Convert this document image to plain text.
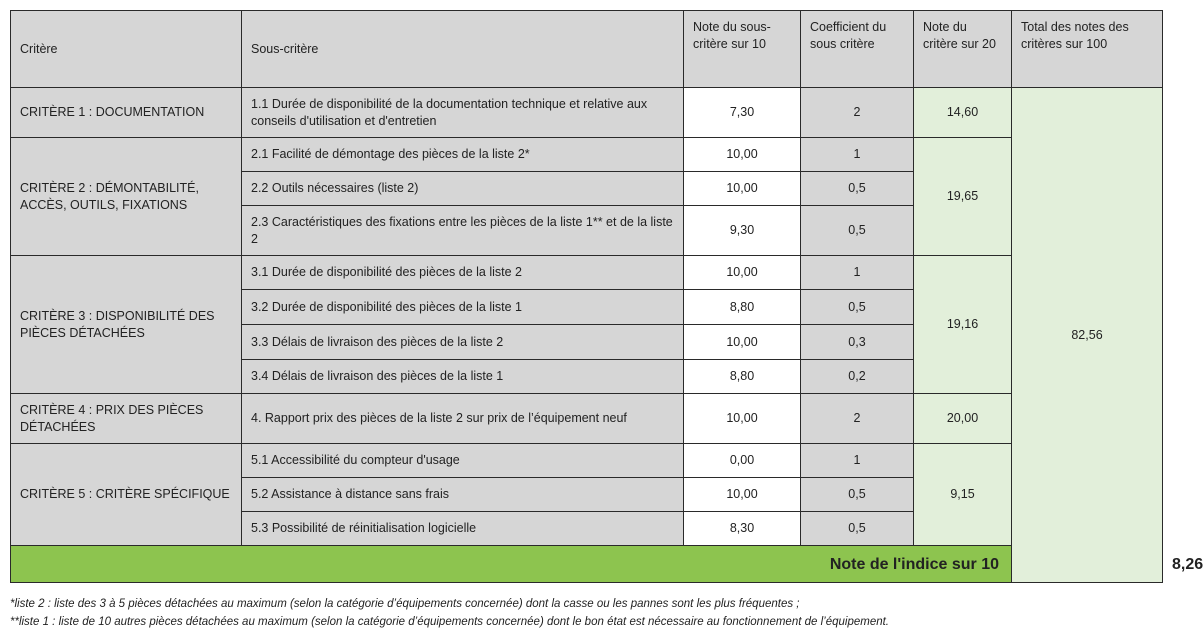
Critère	Sous-critère	Note du sous-critère sur 10	Coefficient du sous critère	Note du critère sur 20	Total des notes des critères sur 100	
CRITÈRE 1 : DOCUMENTATION	1.1 Durée de disponibilité de la documentation technique et relative aux conseils d'utilisation et d'entretien	7,30	2	14,60	82,56	
CRITÈRE 2 : DÉMONTABILITÉ, ACCÈS, OUTILS, FIXATIONS	2.1 Facilité de démontage des pièces de la liste 2*	10,00	1	19,65		
	2.2 Outils nécessaires (liste 2)	10,00	0,5			
	2.3 Caractéristiques des fixations entre les pièces de la liste 1** et de la liste 2	9,30	0,5			
CRITÈRE 3 : DISPONIBILITÉ DES PIÈCES DÉTACHÉES	3.1 Durée de disponibilité des pièces de la liste 2	10,00	1	19,16		
	3.2 Durée de disponibilité des pièces de la liste 1	8,80	0,5			
	3.3 Délais de livraison des pièces de la liste 2	10,00	0,3			
	3.4 Délais de livraison des pièces de la liste 1	8,80	0,2			
CRITÈRE 4 : PRIX DES PIÈCES DÉTACHÉES	4. Rapport prix des pièces de la liste 2 sur prix de l’équipement neuf	10,00	2	20,00		
CRITÈRE 5 : CRITÈRE SPÉCIFIQUE	5.1 Accessibilité du compteur d'usage	0,00	1	9,15		
	5.2 Assistance à distance sans frais	10,00	0,5			
	5.3 Possibilité de réinitialisation logicielle	8,30	0,5			
Note de l'indice sur 10						8,26
*liste 2 : liste des 3 à 5 pièces détachées au maximum (selon la catégorie d’équipements concernée) dont la casse ou les pannes sont les plus fréquentes ;
**liste 1 : liste de 10 autres pièces détachées au maximum (selon la catégorie d’équipements concernée) dont le bon état est nécessaire au fonctionnement de l’équipement.
